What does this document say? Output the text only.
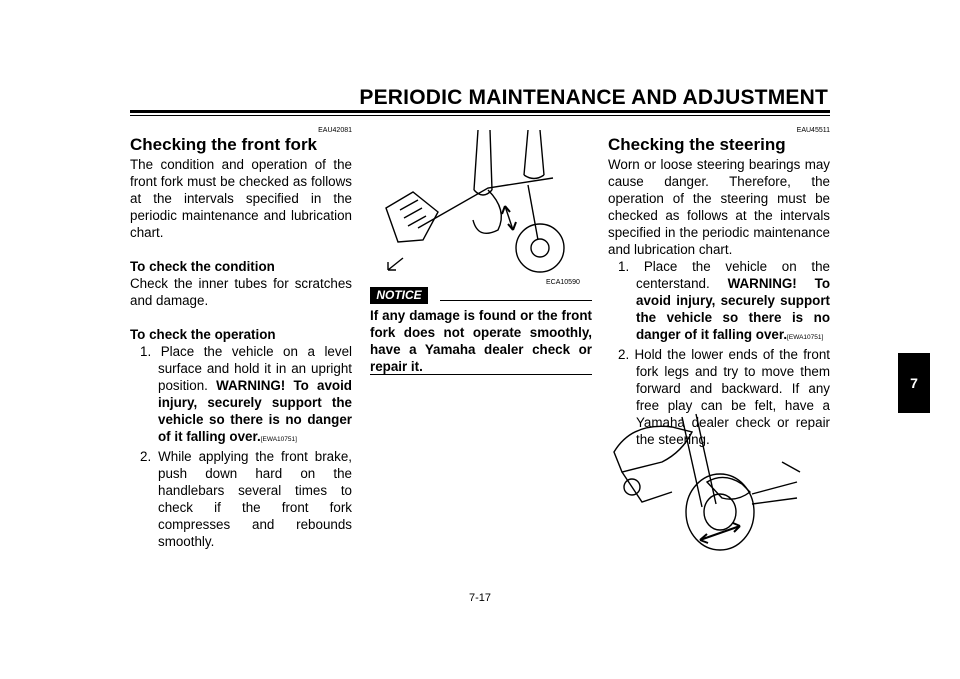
PERIODIC MAINTENANCE AND ADJUSTMENT
EAU42081
Checking the front fork
The condition and operation of the front fork must be checked as follows at the intervals specified in the periodic maintenance and lubrication chart.
To check the condition
Check the inner tubes for scratches and damage.
To check the operation
1. Place the vehicle on a level surface and hold it in an upright position. WARNING! To avoid injury, securely support the vehicle so there is no danger of it falling over.[EWA10751]
2. While applying the front brake, push down hard on the handlebars several times to check if the front fork compresses and rebounds smoothly.
ECA10590
NOTICE
If any damage is found or the front fork does not operate smoothly, have a Yamaha dealer check or repair it.
EAU45511
Checking the steering
Worn or loose steering bearings may cause danger. Therefore, the operation of the steering must be checked as follows at the intervals specified in the periodic maintenance and lubrication chart.
1. Place the vehicle on the centerstand. WARNING! To avoid injury, securely support the vehicle so there is no danger of it falling over.[EWA10751]
2. Hold the lower ends of the front fork legs and try to move them forward and backward. If any free play can be felt, have a Yamaha dealer check or repair the steering.
7
7-17
